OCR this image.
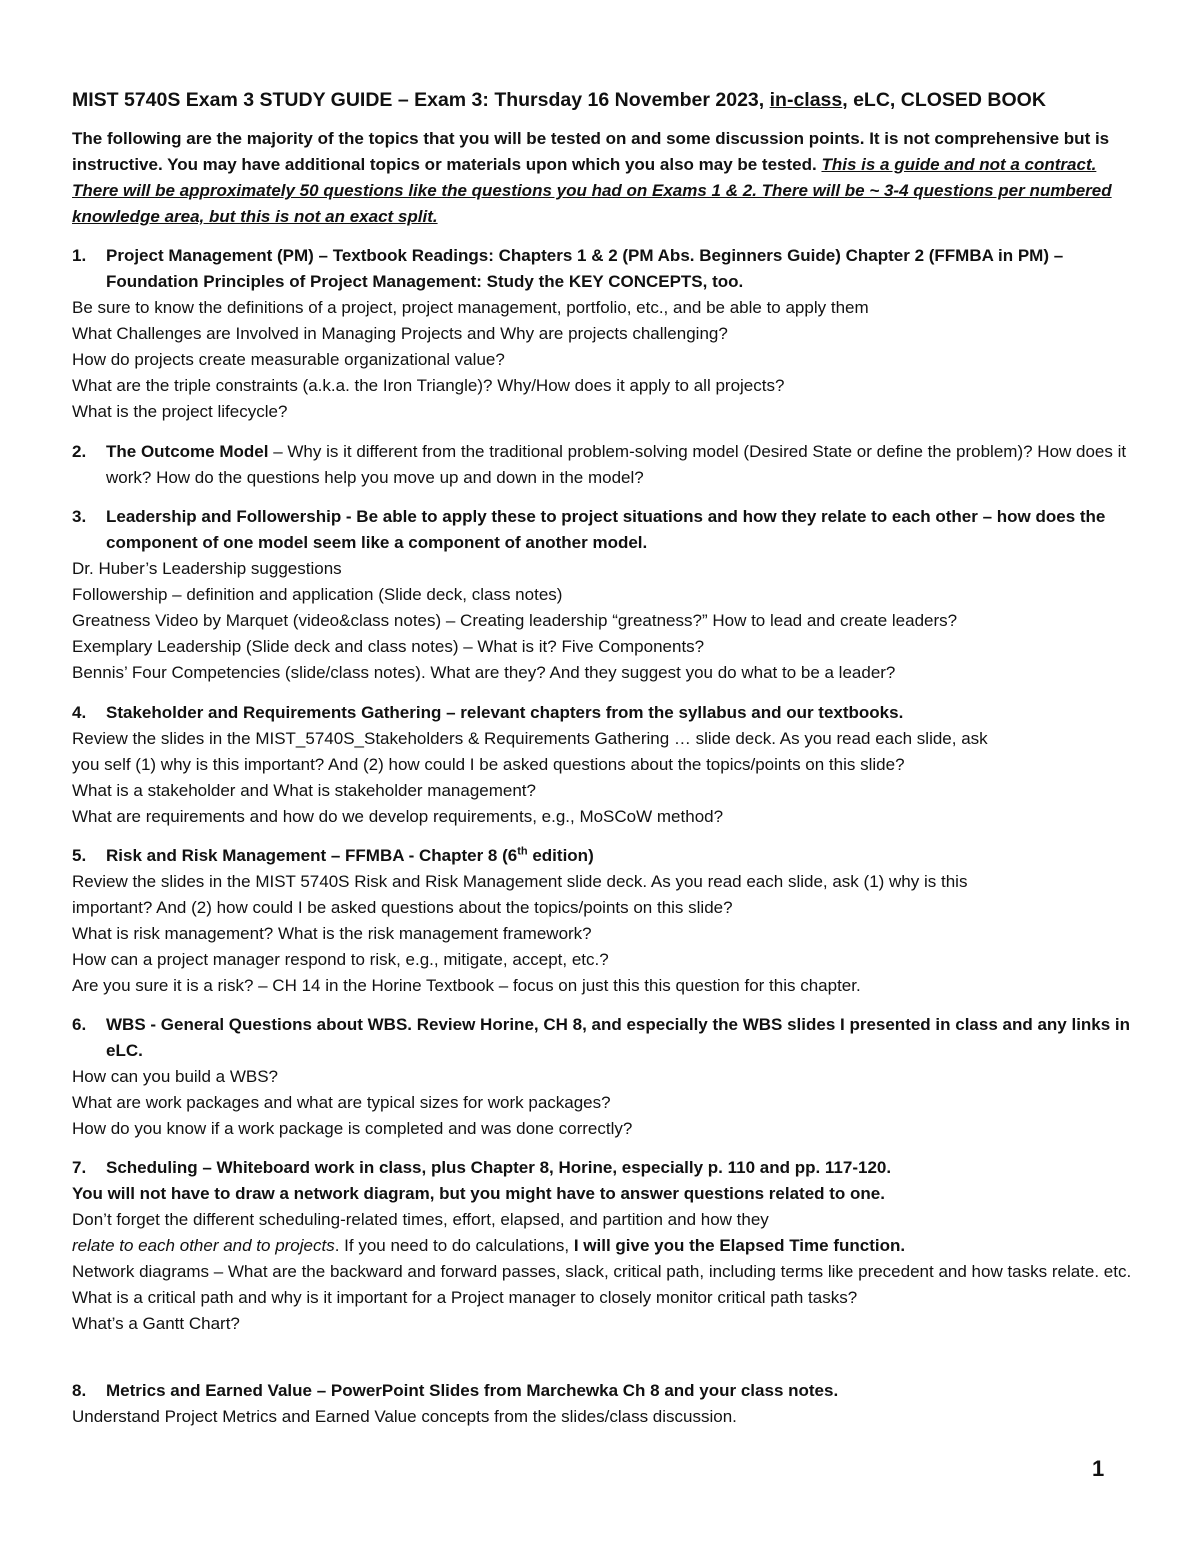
MIST 5740S Exam 3 STUDY GUIDE – Exam 3: Thursday 16 November 2023, in-class, eLC, CLOSED BOOK
The following are the majority of the topics that you will be tested on and some discussion points. It is not comprehensive but is instructive. You may have additional topics or materials upon which you also may be tested. This is a guide and not a contract. There will be approximately 50 questions like the questions you had on Exams 1 & 2. There will be ~ 3-4 questions per numbered knowledge area, but this is not an exact split.
1.	Project Management (PM) – Textbook Readings: Chapters 1 & 2 (PM Abs. Beginners Guide) Chapter 2 (FFMBA in PM) – Foundation Principles of Project Management: Study the KEY CONCEPTS, too.
Be sure to know the definitions of a project, project management, portfolio, etc., and be able to apply them
What Challenges are Involved in Managing Projects and Why are projects challenging?
How do projects create measurable organizational value?
What are the triple constraints (a.k.a. the Iron Triangle)? Why/How does it apply to all projects?
What is the project lifecycle?
2.	The Outcome Model – Why is it different from the traditional problem-solving model (Desired State or define the problem)? How does it work? How do the questions help you move up and down in the model?
3.	Leadership and Followership - Be able to apply these to project situations and how they relate to each other – how does the component of one model seem like a component of another model.
Dr. Huber’s Leadership suggestions
Followership – definition and application (Slide deck, class notes)
Greatness Video by Marquet (video&class notes) – Creating leadership “greatness?” How to lead and create leaders?
Exemplary Leadership (Slide deck and class notes) – What is it? Five Components?
Bennis’ Four Competencies (slide/class notes). What are they? And they suggest you do what to be a leader?
4.	Stakeholder and Requirements Gathering – relevant chapters from the syllabus and our textbooks.
Review the slides in the MIST_5740S_Stakeholders & Requirements Gathering … slide deck. As you read each slide, ask
you self (1) why is this important? And (2) how could I be asked questions about the topics/points on this slide?
What is a stakeholder and What is stakeholder management?
What are requirements and how do we develop requirements, e.g., MoSCoW method?
5.	Risk and Risk Management – FFMBA - Chapter 8 (6th edition)
Review the slides in the MIST 5740S Risk and Risk Management slide deck. As you read each slide, ask (1) why is this
important? And (2) how could I be asked questions about the topics/points on this slide?
What is risk management? What is the risk management framework?
How can a project manager respond to risk, e.g., mitigate, accept, etc.?
Are you sure it is a risk? – CH 14 in the Horine Textbook – focus on just this this question for this chapter.
6.	WBS - General Questions about WBS. Review Horine, CH 8, and especially the WBS slides I presented in class and any links in eLC.
How can you build a WBS?
What are work packages and what are typical sizes for work packages?
How do you know if a work package is completed and was done correctly?
7.	Scheduling – Whiteboard work in class, plus Chapter 8, Horine, especially p. 110 and pp. 117-120.
You will not have to draw a network diagram, but you might have to answer questions related to one.
Don’t forget the different scheduling-related times, effort, elapsed, and partition and how they
relate to each other and to projects. If you need to do calculations, I will give you the Elapsed Time function.
Network diagrams – What are the backward and forward passes, slack, critical path, including terms like precedent and how tasks relate. etc.
What is a critical path and why is it important for a Project manager to closely monitor critical path tasks?
What’s a Gantt Chart?
8.	Metrics and Earned Value – PowerPoint Slides from Marchewka Ch 8 and your class notes.
Understand Project Metrics and Earned Value concepts from the slides/class discussion.
1
